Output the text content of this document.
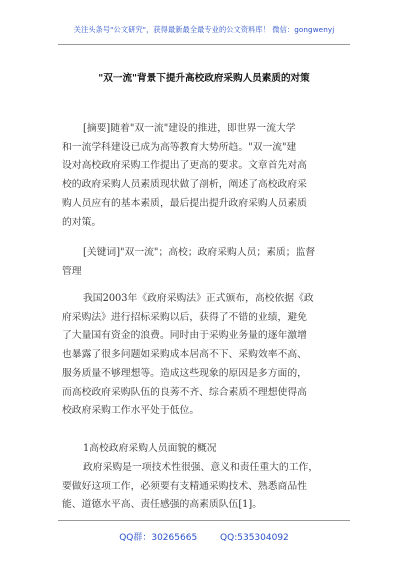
关注头条号"公文研究"，获得最新最全最专业的公文资料库！ 微信：gongwenyj
"双一流"背景下提升高校政府采购人员素质的对策
[摘要]随着"双一流"建设的推进，即世界一流大学
和一流学科建设已成为高等教育大势所趋。"双一流"建
设对高校政府采购工作提出了更高的要求。文章首先对高
校的政府采购人员素质现状做了剖析，阐述了高校政府采
购人员应有的基本素质，最后提出提升政府采购人员素质
的对策。
[关键词]"双一流"；高校；政府采购人员；素质；监督
管理
我国2003年《政府采购法》正式颁布，高校依据《政
府采购法》进行招标采购以后，获得了不错的业绩，避免
了大量国有资金的浪费。同时由于采购业务量的逐年激增
也暴露了很多问题如采购成本居高不下、采购效率不高、
服务质量不够理想等。造成这些现象的原因是多方面的，
而高校政府采购队伍的良莠不齐、综合素质不理想使得高
校政府采购工作水平处于低位。
1高校政府采购人员面貌的概况
政府采购是一项技术性很强、意义和责任重大的工作，
要做好这项工作，必须要有支精通采购技术、熟悉商品性
能、道德水平高、责任感强的高素质队伍[1]。
QQ群：30265665	QQ:535304092
